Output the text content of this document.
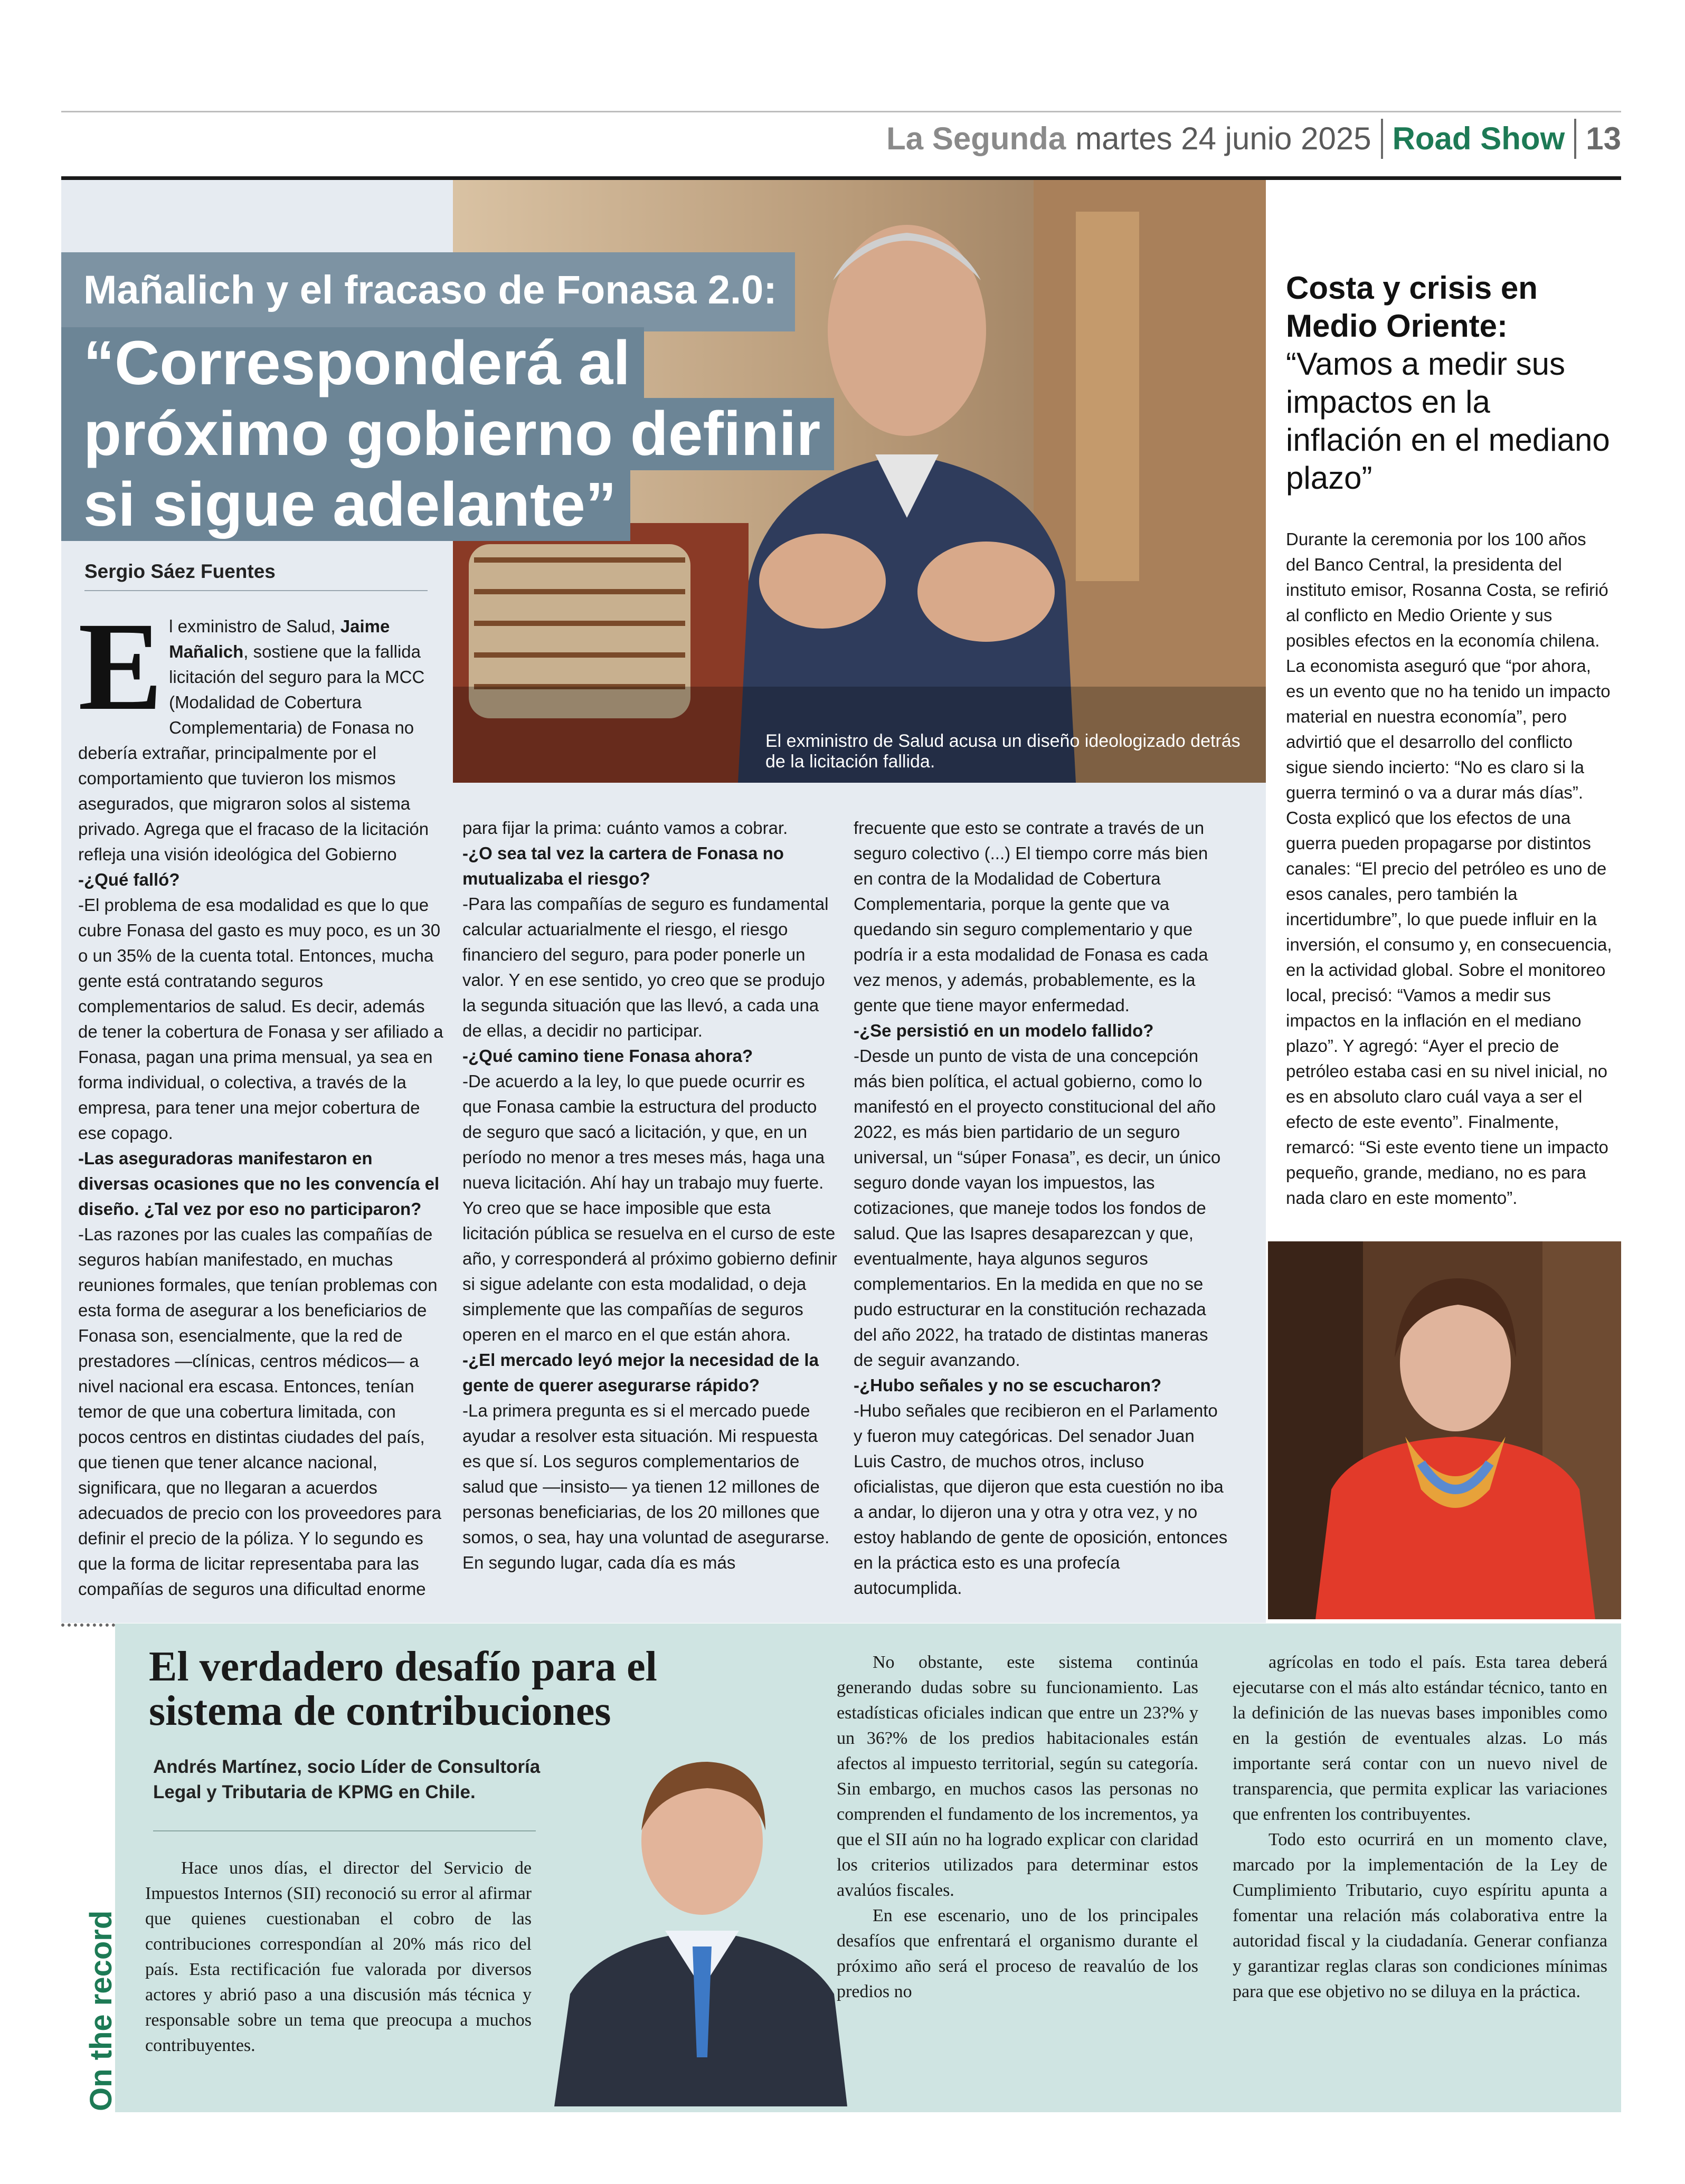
La Segunda martes 24 junio 2025 Road Show 13
Mañalich y el fracaso de Fonasa 2.0:
“Corresponderá al
próximo gobierno definir
si sigue adelante”
Sergio Sáez Fuentes
El exministro de Salud acusa un diseño ideologizado detrás de la licitación fallida.

El exministro de Salud, Jaime Mañalich, sostiene que la fallida licitación del seguro para la MCC (Modalidad de Cobertura Complementaria) de Fonasa no debería extrañar, principalmente por el comportamiento que tuvieron los mismos asegurados, que migraron solos al sistema privado. Agrega que el fracaso de la licitación refleja una visión ideológica del Gobierno

-¿Qué falló?

-El problema de esa modalidad es que lo que cubre Fonasa del gasto es muy poco, es un 30 o un 35% de la cuenta total. Entonces, mucha gente está contratando seguros complementarios de salud. Es decir, además de tener la cobertura de Fonasa y ser afiliado a Fonasa, pagan una prima mensual, ya sea en forma individual, o colectiva, a través de la empresa, para tener una mejor cobertura de ese copago.

-Las aseguradoras manifestaron en diversas ocasiones que no les convencía el diseño. ¿Tal vez por eso no participaron?

-Las razones por las cuales las compañías de seguros habían manifestado, en muchas reuniones formales, que tenían problemas con esta forma de asegurar a los beneficiarios de Fonasa son, esencialmente, que la red de prestadores —clínicas, centros médicos— a nivel nacional era escasa. Entonces, tenían temor de que una cobertura limitada, con pocos centros en distintas ciudades del país, que tienen que tener alcance nacional, significara, que no llegaran a acuerdos adecuados de precio con los proveedores para definir el precio de la póliza. Y lo segundo es que la forma de licitar representaba para las compañías de seguros una dificultad enorme

para fijar la prima: cuánto vamos a cobrar.

-¿O sea tal vez la cartera de Fonasa no mutualizaba el riesgo?

-Para las compañías de seguro es fundamental calcular actuarialmente el riesgo, el riesgo financiero del seguro, para poder ponerle un valor. Y en ese sentido, yo creo que se produjo la segunda situación que las llevó, a cada una de ellas, a decidir no participar.

-¿Qué camino tiene Fonasa ahora?

-De acuerdo a la ley, lo que puede ocurrir es que Fonasa cambie la estructura del producto de seguro que sacó a licitación, y que, en un período no menor a tres meses más, haga una nueva licitación. Ahí hay un trabajo muy fuerte. Yo creo que se hace imposible que esta licitación pública se resuelva en el curso de este año, y corresponderá al próximo gobierno definir si sigue adelante con esta modalidad, o deja simplemente que las compañías de seguros operen en el marco en el que están ahora.

-¿El mercado leyó mejor la necesidad de la gente de querer asegurarse rápido?

-La primera pregunta es si el mercado puede ayudar a resolver esta situación. Mi respuesta es que sí. Los seguros complementarios de salud que —insisto— ya tienen 12 millones de personas beneficiarias, de los 20 millones que somos, o sea, hay una voluntad de asegurarse. En segundo lugar, cada día es más

frecuente que esto se contrate a través de un seguro colectivo (...) El tiempo corre más bien en contra de la Modalidad de Cobertura Complementaria, porque la gente que va quedando sin seguro complementario y que podría ir a esta modalidad de Fonasa es cada vez menos, y además, probablemente, es la gente que tiene mayor enfermedad.

-¿Se persistió en un modelo fallido?

-Desde un punto de vista de una concepción más bien política, el actual gobierno, como lo manifestó en el proyecto constitucional del año 2022, es más bien partidario de un seguro universal, un “súper Fonasa”, es decir, un único seguro donde vayan los impuestos, las cotizaciones, que maneje todos los fondos de salud. Que las Isapres desaparezcan y que, eventualmente, haya algunos seguros complementarios. En la medida en que no se pudo estructurar en la constitución rechazada del año 2022, ha tratado de distintas maneras de seguir avanzando.

-¿Hubo señales y no se escucharon?

-Hubo señales que recibieron en el Parlamento y fueron muy categóricas. Del senador Juan Luis Castro, de muchos otros, incluso oficialistas, que dijeron que esta cuestión no iba a andar, lo dijeron una y otra y otra vez, y no estoy hablando de gente de oposición, entonces en la práctica esto es una profecía autocumplida.

Costa y crisis en Medio Oriente:
“Vamos a medir sus impactos en la inflación en el mediano plazo”
Durante la ceremonia por los 100 años del Banco Central, la presidenta del instituto emisor, Rosanna Costa, se refirió al conflicto en Medio Oriente y sus posibles efectos en la economía chilena. La economista aseguró que “por ahora, es un evento que no ha tenido un impacto material en nuestra economía”, pero advirtió que el desarrollo del conflicto sigue siendo incierto: “No es claro si la guerra terminó o va a durar más días”. Costa explicó que los efectos de una guerra pueden propagarse por distintos canales: “El precio del petróleo es uno de esos canales, pero también la incertidumbre”, lo que puede influir en la inversión, el consumo y, en consecuencia, en la actividad global. Sobre el monitoreo local, precisó: “Vamos a medir sus impactos en la inflación en el mediano plazo”. Y agregó: “Ayer el precio de petróleo estaba casi en su nivel inicial, no es en absoluto claro cuál vaya a ser el efecto de este evento”. Finalmente, remarcó: “Si este evento tiene un impacto pequeño, grande, mediano, no es para nada claro en este momento”.
On the record
El verdadero desafío para el sistema de contribuciones
Andrés Martínez, socio Líder de Consultoría Legal y Tributaria de KPMG en Chile.

Hace unos días, el director del Servicio de Impuestos Internos (SII) reconoció su error al afirmar que quienes cuestionaban el cobro de las contribuciones correspondían al 20% más rico del país. Esta rectificación fue valorada por diversos actores y abrió paso a una discusión más técnica y responsable sobre un tema que preocupa a muchos contribuyentes.

No obstante, este sistema continúa generando dudas sobre su funcionamiento. Las estadísticas oficiales indican que entre un 23?% y un 36?% de los predios habitacionales están afectos al impuesto territorial, según su categoría. Sin embargo, en muchos casos las personas no comprenden el fundamento de los incrementos, ya que el SII aún no ha logrado explicar con claridad los criterios utilizados para determinar estos avalúos fiscales.

En ese escenario, uno de los principales desafíos que enfrentará el organismo durante el próximo año será el proceso de reavalúo de los predios no

agrícolas en todo el país. Esta tarea deberá ejecutarse con el más alto estándar técnico, tanto en la definición de las nuevas bases imponibles como en la gestión de eventuales alzas. Lo más importante será contar con un nuevo nivel de transparencia, que permita explicar las variaciones que enfrenten los contribuyentes.

Todo esto ocurrirá en un momento clave, marcado por la implementación de la Ley de Cumplimiento Tributario, cuyo espíritu apunta a fomentar una relación más colaborativa entre la autoridad fiscal y la ciudadanía. Generar confianza y garantizar reglas claras son condiciones mínimas para que ese objetivo no se diluya en la práctica.
